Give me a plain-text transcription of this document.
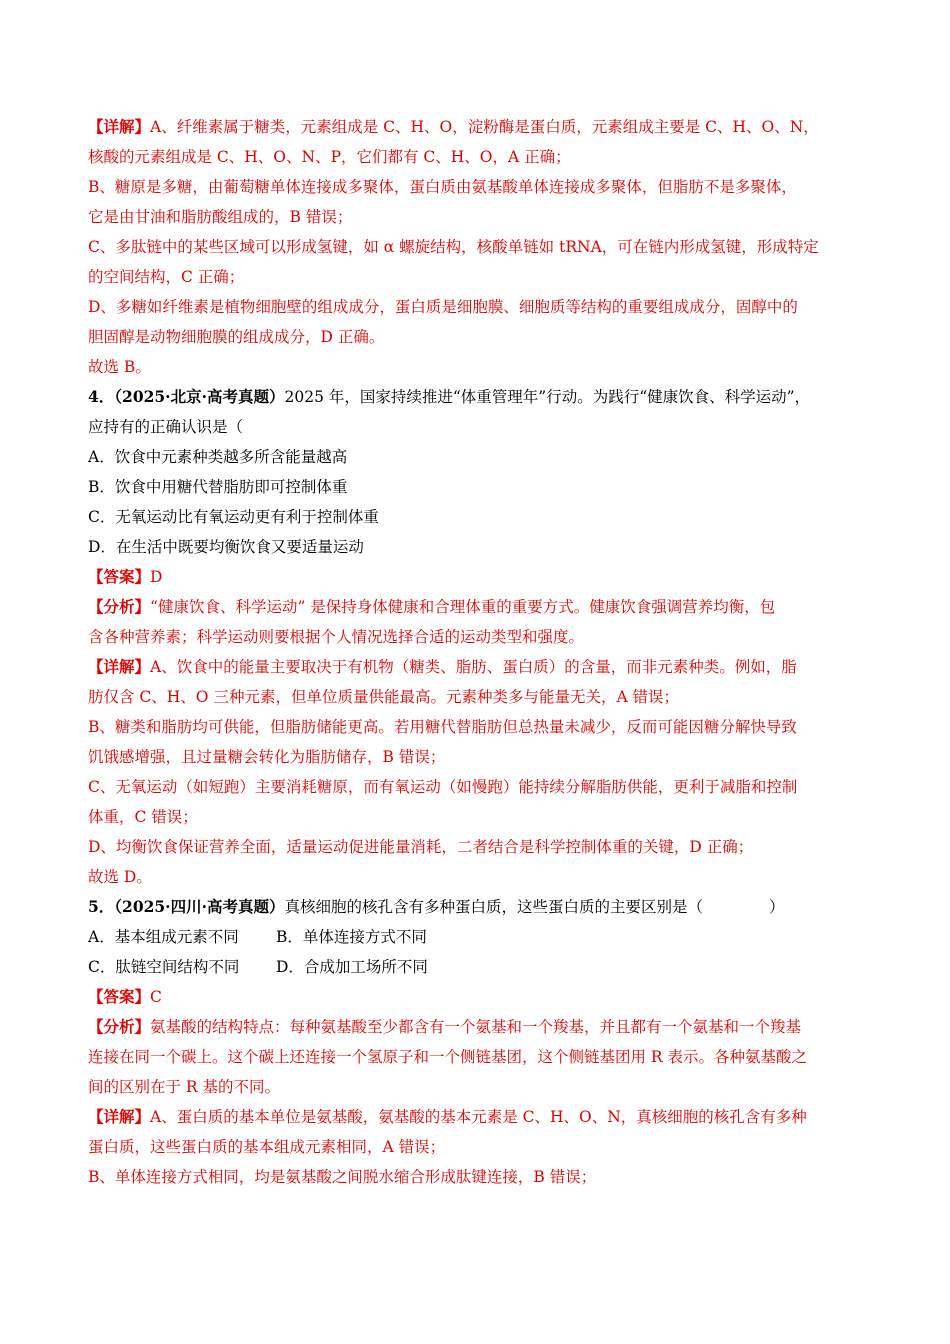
【详解】A、纤维素属于糖类，元素组成是 C、H、O，淀粉酶是蛋白质，元素组成主要是 C、H、O、N，
核酸的元素组成是 C、H、O、N、P，它们都有 C、H、O，A 正确；
B、糖原是多糖，由葡萄糖单体连接成多聚体，蛋白质由氨基酸单体连接成多聚体，但脂肪不是多聚体，
它是由甘油和脂肪酸组成的，B 错误；
C、多肽链中的某些区域可以形成氢键，如 α 螺旋结构，核酸单链如 tRNA，可在链内形成氢键，形成特定
的空间结构，C 正确；
D、多糖如纤维素是植物细胞壁的组成成分，蛋白质是细胞膜、细胞质等结构的重要组成成分，固醇中的
胆固醇是动物细胞膜的组成成分，D 正确。
故选 B。
4．（2025·北京·高考真题）2025 年，国家持续推进“体重管理年”行动。为践行“健康饮食、科学运动”，
应持有的正确认识是（
A．饮食中元素种类越多所含能量越高
B．饮食中用糖代替脂肪即可控制体重
C．无氧运动比有氧运动更有利于控制体重
D．在生活中既要均衡饮食又要适量运动
【答案】D
【分析】“健康饮食、科学运动” 是保持身体健康和合理体重的重要方式。健康饮食强调营养均衡，包
含各种营养素；科学运动则要根据个人情况选择合适的运动类型和强度。
【详解】A、饮食中的能量主要取决于有机物（糖类、脂肪、蛋白质）的含量，而非元素种类。例如，脂
肪仅含 C、H、O 三种元素，但单位质量供能最高。元素种类多与能量无关，A 错误；
B、糖类和脂肪均可供能，但脂肪储能更高。若用糖代替脂肪但总热量未减少，反而可能因糖分解快导致
饥饿感增强，且过量糖会转化为脂肪储存，B 错误；
C、无氧运动（如短跑）主要消耗糖原，而有氧运动（如慢跑）能持续分解脂肪供能，更利于减脂和控制
体重，C 错误；
D、均衡饮食保证营养全面，适量运动促进能量消耗，二者结合是科学控制体重的关键，D 正确；
故选 D。
5．（2025·四川·高考真题）真核细胞的核孔含有多种蛋白质，这些蛋白质的主要区别是（	）
A．基本组成元素不同	B．单体连接方式不同
C．肽链空间结构不同	D．合成加工场所不同
【答案】C
【分析】氨基酸的结构特点：每种氨基酸至少都含有一个氨基和一个羧基，并且都有一个氨基和一个羧基
连接在同一个碳上。这个碳上还连接一个氢原子和一个侧链基团，这个侧链基团用 R 表示。各种氨基酸之
间的区别在于 R 基的不同。
【详解】A、蛋白质的基本单位是氨基酸，氨基酸的基本元素是 C、H、O、N，真核细胞的核孔含有多种
蛋白质，这些蛋白质的基本组成元素相同，A 错误；
B、单体连接方式相同，均是氨基酸之间脱水缩合形成肽键连接，B 错误；
